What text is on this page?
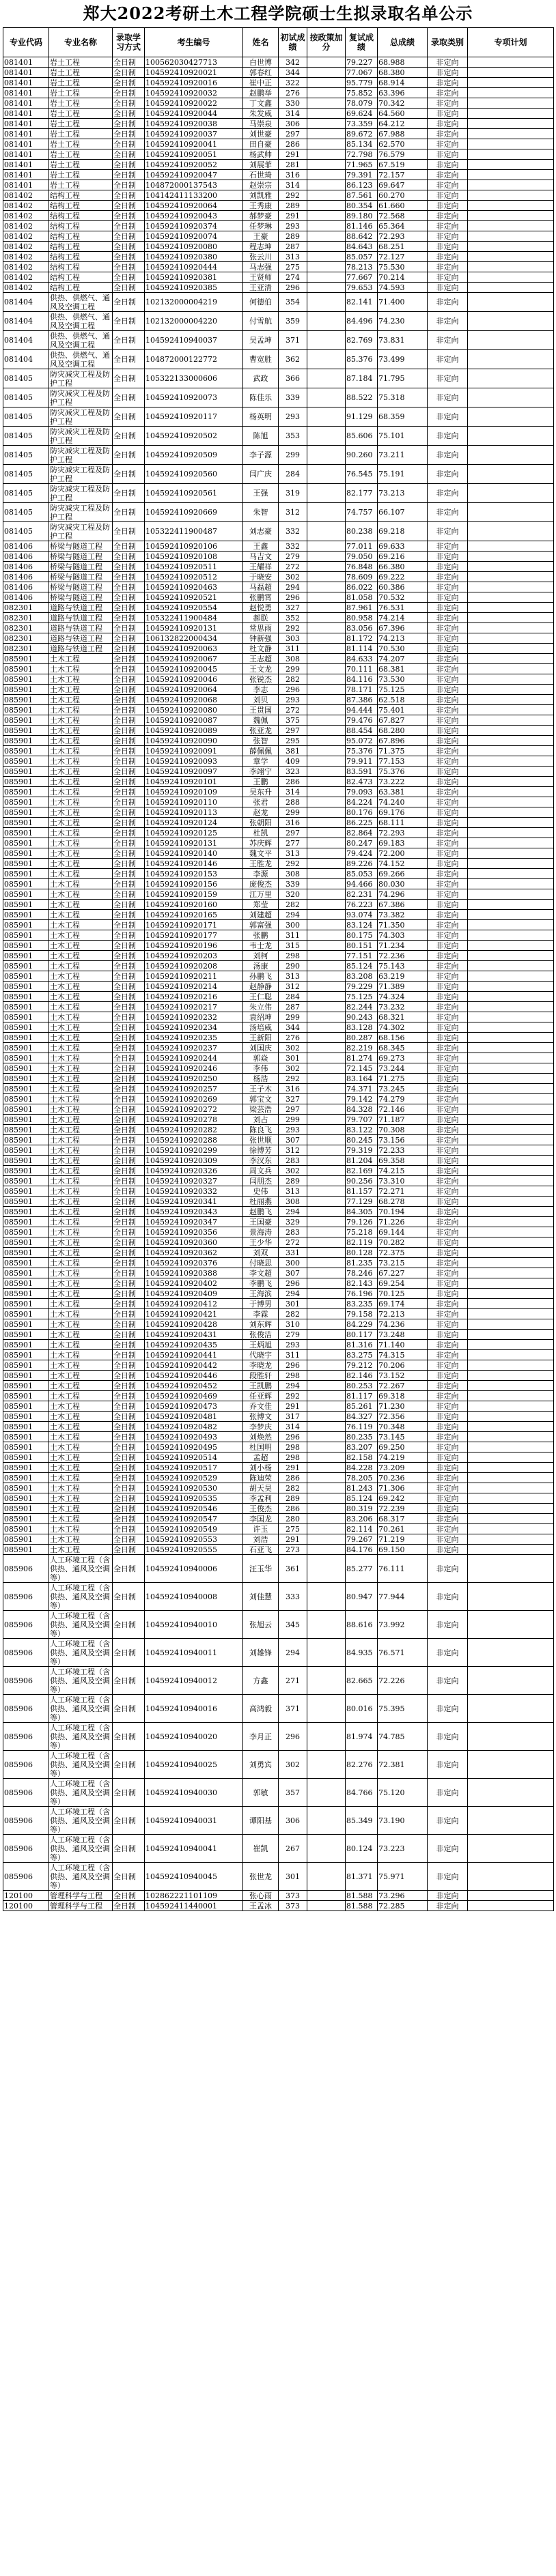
郑大2022考研土木工程学院硕士生拟录取名单公示
专业代码	专业名称	录取学习方式	考生编号	姓名	初试成绩	按政策加分	复试成绩	总成绩	录取类别	专项计划
081401	岩土工程	全日制	100562030427713	白世博	342		79.227	68.988	非定向	
081401	岩土工程	全日制	104592410920021	郭春红	344		77.067	68.380	非定向	
081401	岩土工程	全日制	104592410920016	崔中正	322		95.779	68.914	非定向	
081401	岩土工程	全日制	104592410920032	赵鹏举	276		75.852	63.396	非定向	
081401	岩土工程	全日制	104592410920022	丁文鑫	330		78.079	70.342	非定向	
081401	岩土工程	全日制	104592410920044	朱发威	314		69.624	64.560	非定向	
081401	岩土工程	全日制	104592410920038	马崇泉	306		73.359	64.212	非定向	
081401	岩土工程	全日制	104592410920037	刘世豪	297		89.672	67.988	非定向	
081401	岩土工程	全日制	104592410920041	田自豪	286		85.134	62.570	非定向	
081401	岩土工程	全日制	104592410920051	杨武帅	291		72.798	76.579	非定向	
081401	岩土工程	全日制	104592410920052	刘展菲	281		71.965	67.519	非定向	
081401	岩土工程	全日制	104592410920047	石世琦	316		79.391	72.157	非定向	
081401	岩土工程	全日制	104872000137543	赵崇宗	314		86.123	69.647	非定向	
081402	结构工程	全日制	104142411133200	刘凯雅	292		87.561	60.270	非定向	
081402	结构工程	全日制	104592410920064	王秀康	289		80.354	61.660	非定向	
081402	结构工程	全日制	104592410920043	郝梦豪	291		89.180	72.568	非定向	
081402	结构工程	全日制	104592410920374	任梦琳	293		81.146	65.364	非定向	
081402	结构工程	全日制	104592410920074	王豪	289		88.642	72.293	非定向	
081402	结构工程	全日制	104592410920080	程志坤	287		84.643	68.251	非定向	
081402	结构工程	全日制	104592410920380	张云川	313		85.057	72.127	非定向	
081402	结构工程	全日制	104592410920444	马志强	275		78.213	75.530	非定向	
081402	结构工程	全日制	104592410920381	王贤师	274		77.667	70.214	非定向	
081402	结构工程	全日制	104592410920385	王亚清	296		79.653	74.593	非定向	
081404	供热、供燃气、通风及空调工程	全日制	102132000004219	何德伯	354		82.141	71.400	非定向	
081404	供热、供燃气、通风及空调工程	全日制	102132000004220	付雪航	359		84.496	74.230	非定向	
081404	供热、供燃气、通风及空调工程	全日制	104592410940037	吴孟坤	371		82.769	73.831	非定向	
081404	供热、供燃气、通风及空调工程	全日制	104872000122772	曹宽胜	362		85.376	73.499	非定向	
081405	防灾减灾工程及防护工程	全日制	105322133000606	武政	366		87.184	71.795	非定向	
081405	防灾减灾工程及防护工程	全日制	104592410920073	陈佳乐	339		88.522	75.318	非定向	
081405	防灾减灾工程及防护工程	全日制	104592410920117	杨英明	293		91.129	68.359	非定向	
081405	防灾减灾工程及防护工程	全日制	104592410920502	陈旭	353		85.606	75.101	非定向	
081405	防灾减灾工程及防护工程	全日制	104592410920509	李子源	299		90.260	73.211	非定向	
081405	防灾减灾工程及防护工程	全日制	104592410920560	闫广庆	284		76.545	75.191	非定向	
081405	防灾减灾工程及防护工程	全日制	104592410920561	王强	319		82.177	73.213	非定向	
081405	防灾减灾工程及防护工程	全日制	104592410920669	朱智	312		74.757	66.107	非定向	
081405	防灾减灾工程及防护工程	全日制	105322411900487	刘志豪	332		80.238	69.218	非定向	
081406	桥梁与隧道工程	全日制	104592410920106	王鑫	332		77.011	69.633	非定向	
081406	桥梁与隧道工程	全日制	104592410920108	马吉文	279		79.050	69.216	非定向	
081406	桥梁与隧道工程	全日制	104592410920511	王耀祥	272		76.848	66.380	非定向	
081406	桥梁与隧道工程	全日制	104592410920512	于晓安	302		78.609	69.222	非定向	
081406	桥梁与隧道工程	全日制	104592410920463	马磊超	294		86.022	60.386	非定向	
081406	桥梁与隧道工程	全日制	104592410920521	张鹏霄	296		81.058	70.532	非定向	
082301	道路与铁道工程	全日制	104592410920554	赵悦勇	327		87.961	76.531	非定向	
082301	道路与铁道工程	全日制	105322411900484	郝朕	352		80.958	74.214	非定向	
082301	道路与铁道工程	全日制	104592410920131	常思雨	292		83.056	67.396	非定向	
082301	道路与铁道工程	全日制	106132822000434	钟新强	303		81.172	74.213	非定向	
082301	道路与铁道工程	全日制	104592410920063	杜文静	311		81.114	70.530	非定向	
085901	土木工程	全日制	104592410920067	王志超	308		84.633	74.207	非定向	
085901	土木工程	全日制	104592410920045	王文龙	299		70.111	68.381	非定向	
085901	土木工程	全日制	104592410920046	张锐杰	282		84.116	73.530	非定向	
085901	土木工程	全日制	104592410920064	李志	296		78.171	75.125	非定向	
085901	土木工程	全日制	104592410920068	刘贝	293		87.386	62.518	非定向	
085901	土木工程	全日制	104592410920080	王贯国	272		94.444	75.401	非定向	
085901	土木工程	全日制	104592410920087	魏佩	375		79.476	67.827	非定向	
085901	土木工程	全日制	104592410920089	张亚龙	297		88.454	68.280	非定向	
085901	土木工程	全日制	104592410920090	张智	295		95.072	67.896	非定向	
085901	土木工程	全日制	104592410920091	薛佩佩	381		75.376	71.375	非定向	
085901	土木工程	全日制	104592410920093	章学	409		79.911	77.153	非定向	
085901	土木工程	全日制	104592410920097	李翊宁	323		83.591	75.376	非定向	
085901	土木工程	全日制	104592410920101	王鹏	286		82.473	73.222	非定向	
085901	土木工程	全日制	104592410920109	吴东升	314		79.093	63.381	非定向	
085901	土木工程	全日制	104592410920110	张君	288		84.224	74.240	非定向	
085901	土木工程	全日制	104592410920113	赵龙	299		80.176	69.176	非定向	
085901	土木工程	全日制	104592410920124	张朝阳	316		86.225	68.111	非定向	
085901	土木工程	全日制	104592410920125	杜凯	297		82.864	72.293	非定向	
085901	土木工程	全日制	104592410920131	苏庆辉	277		80.247	69.183	非定向	
085901	土木工程	全日制	104592410920140	魏文平	313		79.424	72.200	非定向	
085901	土木工程	全日制	104592410920146	王胜龙	292		89.226	74.152	非定向	
085901	土木工程	全日制	104592410920153	李源	308		85.053	69.266	非定向	
085901	土木工程	全日制	104592410920156	庞俊杰	339		94.466	80.030	非定向	
085901	土木工程	全日制	104592410920159	江万里	320		82.231	74.296	非定向	
085901	土木工程	全日制	104592410920160	郑莹	282		76.223	67.386	非定向	
085901	土木工程	全日制	104592410920165	刘建超	294		93.074	73.382	非定向	
085901	土木工程	全日制	104592410920171	郭富强	300		83.124	71.350	非定向	
085901	土木工程	全日制	104592410920177	张鹏	311		80.175	74.303	非定向	
085901	土木工程	全日制	104592410920196	韦士龙	315		80.151	71.234	非定向	
085901	土木工程	全日制	104592410920203	刘柯	298		77.151	72.236	非定向	
085901	土木工程	全日制	104592410920208	汤康	290		85.124	75.143	非定向	
085901	土木工程	全日制	104592410920211	孙鹏飞	313		83.208	63.219	非定向	
085901	土木工程	全日制	104592410920214	赵静静	312		79.229	71.389	非定向	
085901	土木工程	全日制	104592410920216	王仁聪	284		75.125	74.324	非定向	
085901	土木工程	全日制	104592410920217	朱立伟	287		82.244	73.232	非定向	
085901	土木工程	全日制	104592410920232	袁绍坤	299		90.243	68.321	非定向	
085901	土木工程	全日制	104592410920234	汤培威	344		83.128	74.302	非定向	
085901	土木工程	全日制	104592410920235	王新阳	276		80.287	68.156	非定向	
085901	土木工程	全日制	104592410920237	刘国庆	302		82.219	68.345	非定向	
085901	土木工程	全日制	104592410920244	郭焱	301		81.274	69.273	非定向	
085901	土木工程	全日制	104592410920246	李伟	302		72.145	73.244	非定向	
085901	土木工程	全日制	104592410920250	杨浩	292		83.164	71.275	非定向	
085901	土木工程	全日制	104592410920257	王子木	316		74.371	73.245	非定向	
085901	土木工程	全日制	104592410920269	郭宝文	327		79.142	74.279	非定向	
085901	土木工程	全日制	104592410920272	梁芸浩	297		84.328	72.146	非定向	
085901	土木工程	全日制	104592410920278	刘占	299		79.707	71.187	非定向	
085901	土木工程	全日制	104592410920282	陈良飞	293		83.122	70.308	非定向	
085901	土木工程	全日制	104592410920288	张世顺	307		80.245	73.156	非定向	
085901	土木工程	全日制	104592410920299	徐博芳	312		79.319	72.233	非定向	
085901	土木工程	全日制	104592410920309	李汉东	283		81.204	69.358	非定向	
085901	土木工程	全日制	104592410920326	周文兵	302		82.169	74.215	非定向	
085901	土木工程	全日制	104592410920327	闫朋杰	289		90.256	73.310	非定向	
085901	土木工程	全日制	104592410920332	史伟	313		81.157	72.271	非定向	
085901	土木工程	全日制	104592410920341	杜丽燕	308		77.129	68.278	非定向	
085901	土木工程	全日制	104592410920343	赵鹏飞	294		84.305	70.194	非定向	
085901	土木工程	全日制	104592410920347	王国豪	329		79.126	71.226	非定向	
085901	土木工程	全日制	104592410920356	景海涛	283		75.218	69.144	非定向	
085901	土木工程	全日制	104592410920360	王少华	272		82.119	70.282	非定向	
085901	土木工程	全日制	104592410920362	刘双	331		80.128	72.375	非定向	
085901	土木工程	全日制	104592410920376	付晓思	300		81.235	73.215	非定向	
085901	土木工程	全日制	104592410920388	李文超	307		78.246	67.227	非定向	
085901	土木工程	全日制	104592410920402	李鹏飞	296		82.143	69.254	非定向	
085901	土木工程	全日制	104592410920409	王海滨	294		76.196	70.125	非定向	
085901	土木工程	全日制	104592410920412	于博男	301		83.235	69.174	非定向	
085901	土木工程	全日制	104592410920421	李霖	282		79.158	72.213	非定向	
085901	土木工程	全日制	104592410920428	刘东辉	310		84.229	74.236	非定向	
085901	土木工程	全日制	104592410920431	张俊洁	279		80.117	73.248	非定向	
085901	土木工程	全日制	104592410920435	王炳旭	293		81.316	71.140	非定向	
085901	土木工程	全日制	104592410920441	代晓宇	311		83.275	74.315	非定向	
085901	土木工程	全日制	104592410920442	李晓龙	296		79.212	70.206	非定向	
085901	土木工程	全日制	104592410920446	段胜轩	298		82.146	73.152	非定向	
085901	土木工程	全日制	104592410920452	王凯鹏	294		80.253	72.267	非定向	
085901	土木工程	全日制	104592410920469	任亚辉	292		81.117	69.318	非定向	
085901	土木工程	全日制	104592410920473	乔文佳	291		85.261	71.230	非定向	
085901	土木工程	全日制	104592410920481	张博文	317		84.327	72.356	非定向	
085901	土木工程	全日制	104592410920482	李梦庆	314		76.119	70.348	非定向	
085901	土木工程	全日制	104592410920493	刘焕然	296		80.235	73.145	非定向	
085901	土木工程	全日制	104592410920495	杜国明	298		83.207	69.250	非定向	
085901	土木工程	全日制	104592410920514	孟超	298		82.158	74.219	非定向	
085901	土木工程	全日制	104592410920517	刘小杨	291		84.228	73.209	非定向	
085901	土木工程	全日制	104592410920529	陈迪荣	286		78.205	70.236	非定向	
085901	土木工程	全日制	104592410920530	胡天昊	282		81.243	71.306	非定向	
085901	土木工程	全日制	104592410920535	李孟利	289		85.124	69.242	非定向	
085901	土木工程	全日制	104592410920546	王俊杰	286		80.319	72.239	非定向	
085901	土木工程	全日制	104592410920547	李国龙	280		83.206	68.317	非定向	
085901	土木工程	全日制	104592410920549	许玉	275		82.114	70.261	非定向	
085901	土木工程	全日制	104592410920553	刘浩	291		79.267	71.219	非定向	
085901	土木工程	全日制	104592410920555	石亚飞	273		84.176	69.150	非定向	
085906	人工环境工程（含供热、通风及空调等）	全日制	104592410940006	汪玉华	361		85.277	76.111	非定向	
085906	人工环境工程（含供热、通风及空调等）	全日制	104592410940008	刘佳慧	333		80.947	77.944	非定向	
085906	人工环境工程（含供热、通风及空调等）	全日制	104592410940010	张旭云	345		88.616	73.992	非定向	
085906	人工环境工程（含供热、通风及空调等）	全日制	104592410940011	刘雄锋	294		84.935	76.571	非定向	
085906	人工环境工程（含供热、通风及空调等）	全日制	104592410940012	方鑫	271		82.665	72.226	非定向	
085906	人工环境工程（含供热、通风及空调等）	全日制	104592410940016	高鸿毅	371		80.016	75.395	非定向	
085906	人工环境工程（含供热、通风及空调等）	全日制	104592410940020	李月正	296		81.974	74.785	非定向	
085906	人工环境工程（含供热、通风及空调等）	全日制	104592410940025	刘勇宾	302		82.276	72.381	非定向	
085906	人工环境工程（含供热、通风及空调等）	全日制	104592410940030	郭敏	357		84.766	75.120	非定向	
085906	人工环境工程（含供热、通风及空调等）	全日制	104592410940031	谭阳基	306		85.349	73.190	非定向	
085906	人工环境工程（含供热、通风及空调等）	全日制	104592410940041	崔凯	267		80.124	73.223	非定向	
085906	人工环境工程（含供热、通风及空调等）	全日制	104592410940045	张世龙	301		81.371	75.971	非定向	
120100	管理科学与工程	全日制	102862221101109	张心雨	373		81.588	73.296	非定向	
120100	管理科学与工程	全日制	104592411440001	王孟冰	373		81.588	72.285	非定向	
